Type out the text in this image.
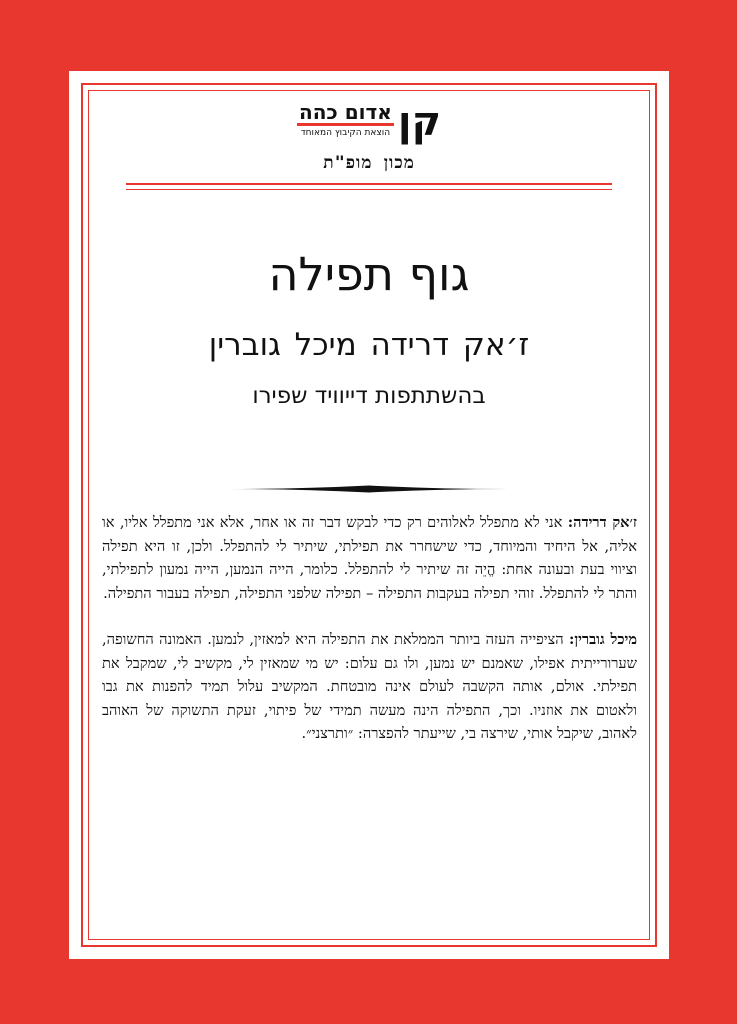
אדום כהה
הוצאת הקיבוץ המאוחד קן
מכון מופ"ת
גוף תפילה
ז׳אק דרידה מיכל גוברין
בהשתתפות דייוויד שפירו

ז׳אק דרידה: אני לא מתפלל לאלוהים רק כדי לבקש דבר זה או אחר, אלא אני מתפלל אליו, או אליה, אל היחיד והמיוחד, כדי שישחרר את תפילתי, שיתיר לי להתפלל. ולכן, זו היא תפילה וציווי בעת ובעונה אחת: הֱיֵה זה שיתיר לי להתפלל. כלומר, הייה הנמען, הייה נמעון לתפילתי, והתר לי להתפלל. זוהי תפילה בעקבות התפילה – תפילה שלפני התפילה, תפילה בעבור התפילה.

מיכל גוברין: הציפייה העזה ביותר הממלאת את התפילה היא למאזין, לנמען. האמונה החשופה, שערורייתית אפילו, שאמנם יש נמען, ולו גם עלום: יש מי שמאזין לי, מקשיב לי, שמקבל את תפילתי. אולם, אותה הקשבה לעולם אינה מובטחת. המקשיב עלול תמיד להפנות את גבו ולאטום את אוזניו. וכך, התפילה הינה מעשה תמידי של פיתוי, זעקת התשוקה של האוהב לאהוב, שיקבל אותי, שירצה בי, שייעתר להפצרה: ״ותרצני״.
